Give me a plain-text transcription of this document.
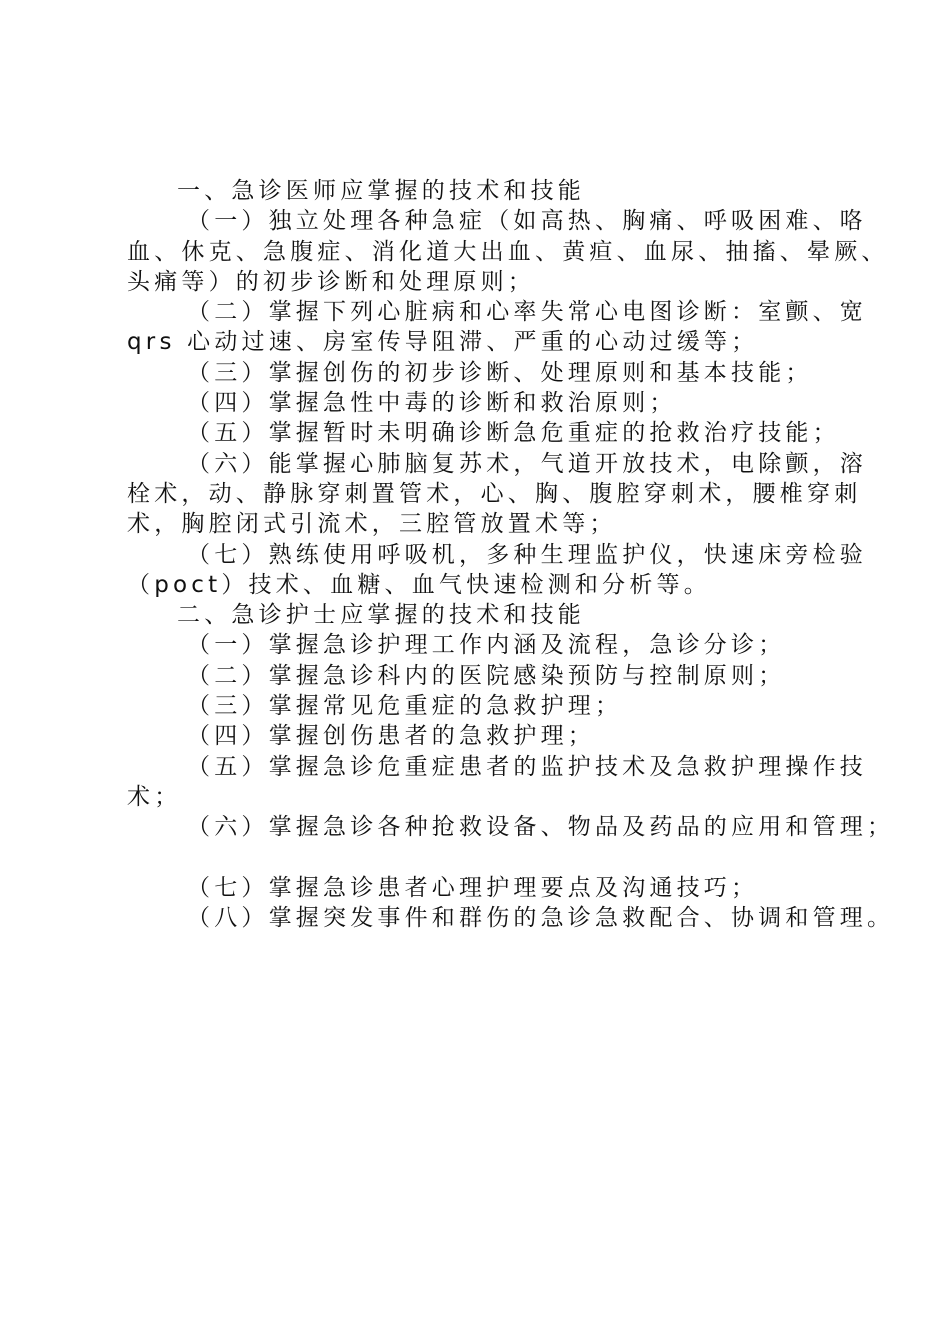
一、急诊医师应掌握的技术和技能

（一）独立处理各种急症（如高热、胸痛、呼吸困难、咯

血、休克、急腹症、消化道大出血、黄疸、血尿、抽搐、晕厥、

头痛等）的初步诊断和处理原则；

（二）掌握下列心脏病和心率失常心电图诊断：室颤、宽

qrs 心动过速、房室传导阻滞、严重的心动过缓等；

（三）掌握创伤的初步诊断、处理原则和基本技能；

（四）掌握急性中毒的诊断和救治原则；

（五）掌握暂时未明确诊断急危重症的抢救治疗技能；

（六）能掌握心肺脑复苏术，气道开放技术，电除颤，溶

栓术，动、静脉穿刺置管术，心、胸、腹腔穿刺术，腰椎穿刺

术，胸腔闭式引流术，三腔管放置术等；

（七）熟练使用呼吸机，多种生理监护仪，快速床旁检验

（poct）技术、血糖、血气快速检测和分析等。

二、急诊护士应掌握的技术和技能

（一）掌握急诊护理工作内涵及流程，急诊分诊；

（二）掌握急诊科内的医院感染预防与控制原则；

（三）掌握常见危重症的急救护理；

（四）掌握创伤患者的急救护理；

（五）掌握急诊危重症患者的监护技术及急救护理操作技

术；

（六）掌握急诊各种抢救设备、物品及药品的应用和管理；

（七）掌握急诊患者心理护理要点及沟通技巧；

（八）掌握突发事件和群伤的急诊急救配合、协调和管理。
